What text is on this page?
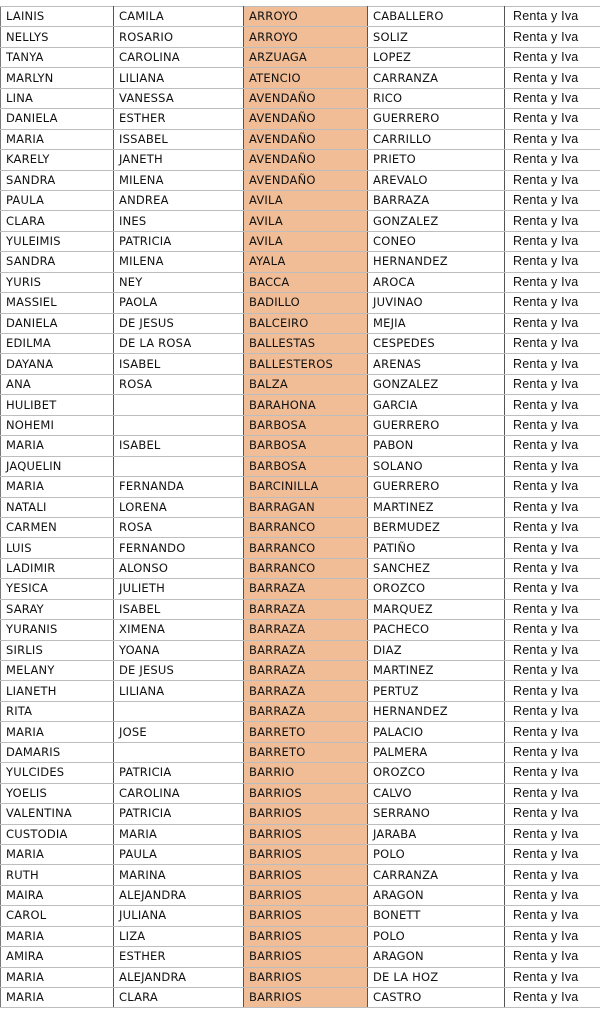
LAINIS	CAMILA	ARROYO	CABALLERO	Renta y Iva
NELLYS	ROSARIO	ARROYO	SOLIZ	Renta y Iva
TANYA	CAROLINA	ARZUAGA	LOPEZ	Renta y Iva
MARLYN	LILIANA	ATENCIO	CARRANZA	Renta y Iva
LINA	VANESSA	AVENDAÑO	RICO	Renta y Iva
DANIELA	ESTHER	AVENDAÑO	GUERRERO	Renta y Iva
MARIA	ISSABEL	AVENDAÑO	CARRILLO	Renta y Iva
KARELY	JANETH	AVENDAÑO	PRIETO	Renta y Iva
SANDRA	MILENA	AVENDAÑO	AREVALO	Renta y Iva
PAULA	ANDREA	AVILA	BARRAZA	Renta y Iva
CLARA	INES	AVILA	GONZALEZ	Renta y Iva
YULEIMIS	PATRICIA	AVILA	CONEO	Renta y Iva
SANDRA	MILENA	AYALA	HERNANDEZ	Renta y Iva
YURIS	NEY	BACCA	AROCA	Renta y Iva
MASSIEL	PAOLA	BADILLO	JUVINAO	Renta y Iva
DANIELA	DE JESUS	BALCEIRO	MEJIA	Renta y Iva
EDILMA	DE LA ROSA	BALLESTAS	CESPEDES	Renta y Iva
DAYANA	ISABEL	BALLESTEROS	ARENAS	Renta y Iva
ANA	ROSA	BALZA	GONZALEZ	Renta y Iva
HULIBET		BARAHONA	GARCIA	Renta y Iva
NOHEMI		BARBOSA	GUERRERO	Renta y Iva
MARIA	ISABEL	BARBOSA	PABON	Renta y Iva
JAQUELIN		BARBOSA	SOLANO	Renta y Iva
MARIA	FERNANDA	BARCINILLA	GUERRERO	Renta y Iva
NATALI	LORENA	BARRAGAN	MARTINEZ	Renta y Iva
CARMEN	ROSA	BARRANCO	BERMUDEZ	Renta y Iva
LUIS	FERNANDO	BARRANCO	PATIÑO	Renta y Iva
LADIMIR	ALONSO	BARRANCO	SANCHEZ	Renta y Iva
YESICA	JULIETH	BARRAZA	OROZCO	Renta y Iva
SARAY	ISABEL	BARRAZA	MARQUEZ	Renta y Iva
YURANIS	XIMENA	BARRAZA	PACHECO	Renta y Iva
SIRLIS	YOANA	BARRAZA	DIAZ	Renta y Iva
MELANY	DE JESUS	BARRAZA	MARTINEZ	Renta y Iva
LIANETH	LILIANA	BARRAZA	PERTUZ	Renta y Iva
RITA		BARRAZA	HERNANDEZ	Renta y Iva
MARIA	JOSE	BARRETO	PALACIO	Renta y Iva
DAMARIS		BARRETO	PALMERA	Renta y Iva
YULCIDES	PATRICIA	BARRIO	OROZCO	Renta y Iva
YOELIS	CAROLINA	BARRIOS	CALVO	Renta y Iva
VALENTINA	PATRICIA	BARRIOS	SERRANO	Renta y Iva
CUSTODIA	MARIA	BARRIOS	JARABA	Renta y Iva
MARIA	PAULA	BARRIOS	POLO	Renta y Iva
RUTH	MARINA	BARRIOS	CARRANZA	Renta y Iva
MAIRA	ALEJANDRA	BARRIOS	ARAGON	Renta y Iva
CAROL	JULIANA	BARRIOS	BONETT	Renta y Iva
MARIA	LIZA	BARRIOS	POLO	Renta y Iva
AMIRA	ESTHER	BARRIOS	ARAGON	Renta y Iva
MARIA	ALEJANDRA	BARRIOS	DE LA HOZ	Renta y Iva
MARIA	CLARA	BARRIOS	CASTRO	Renta y Iva
